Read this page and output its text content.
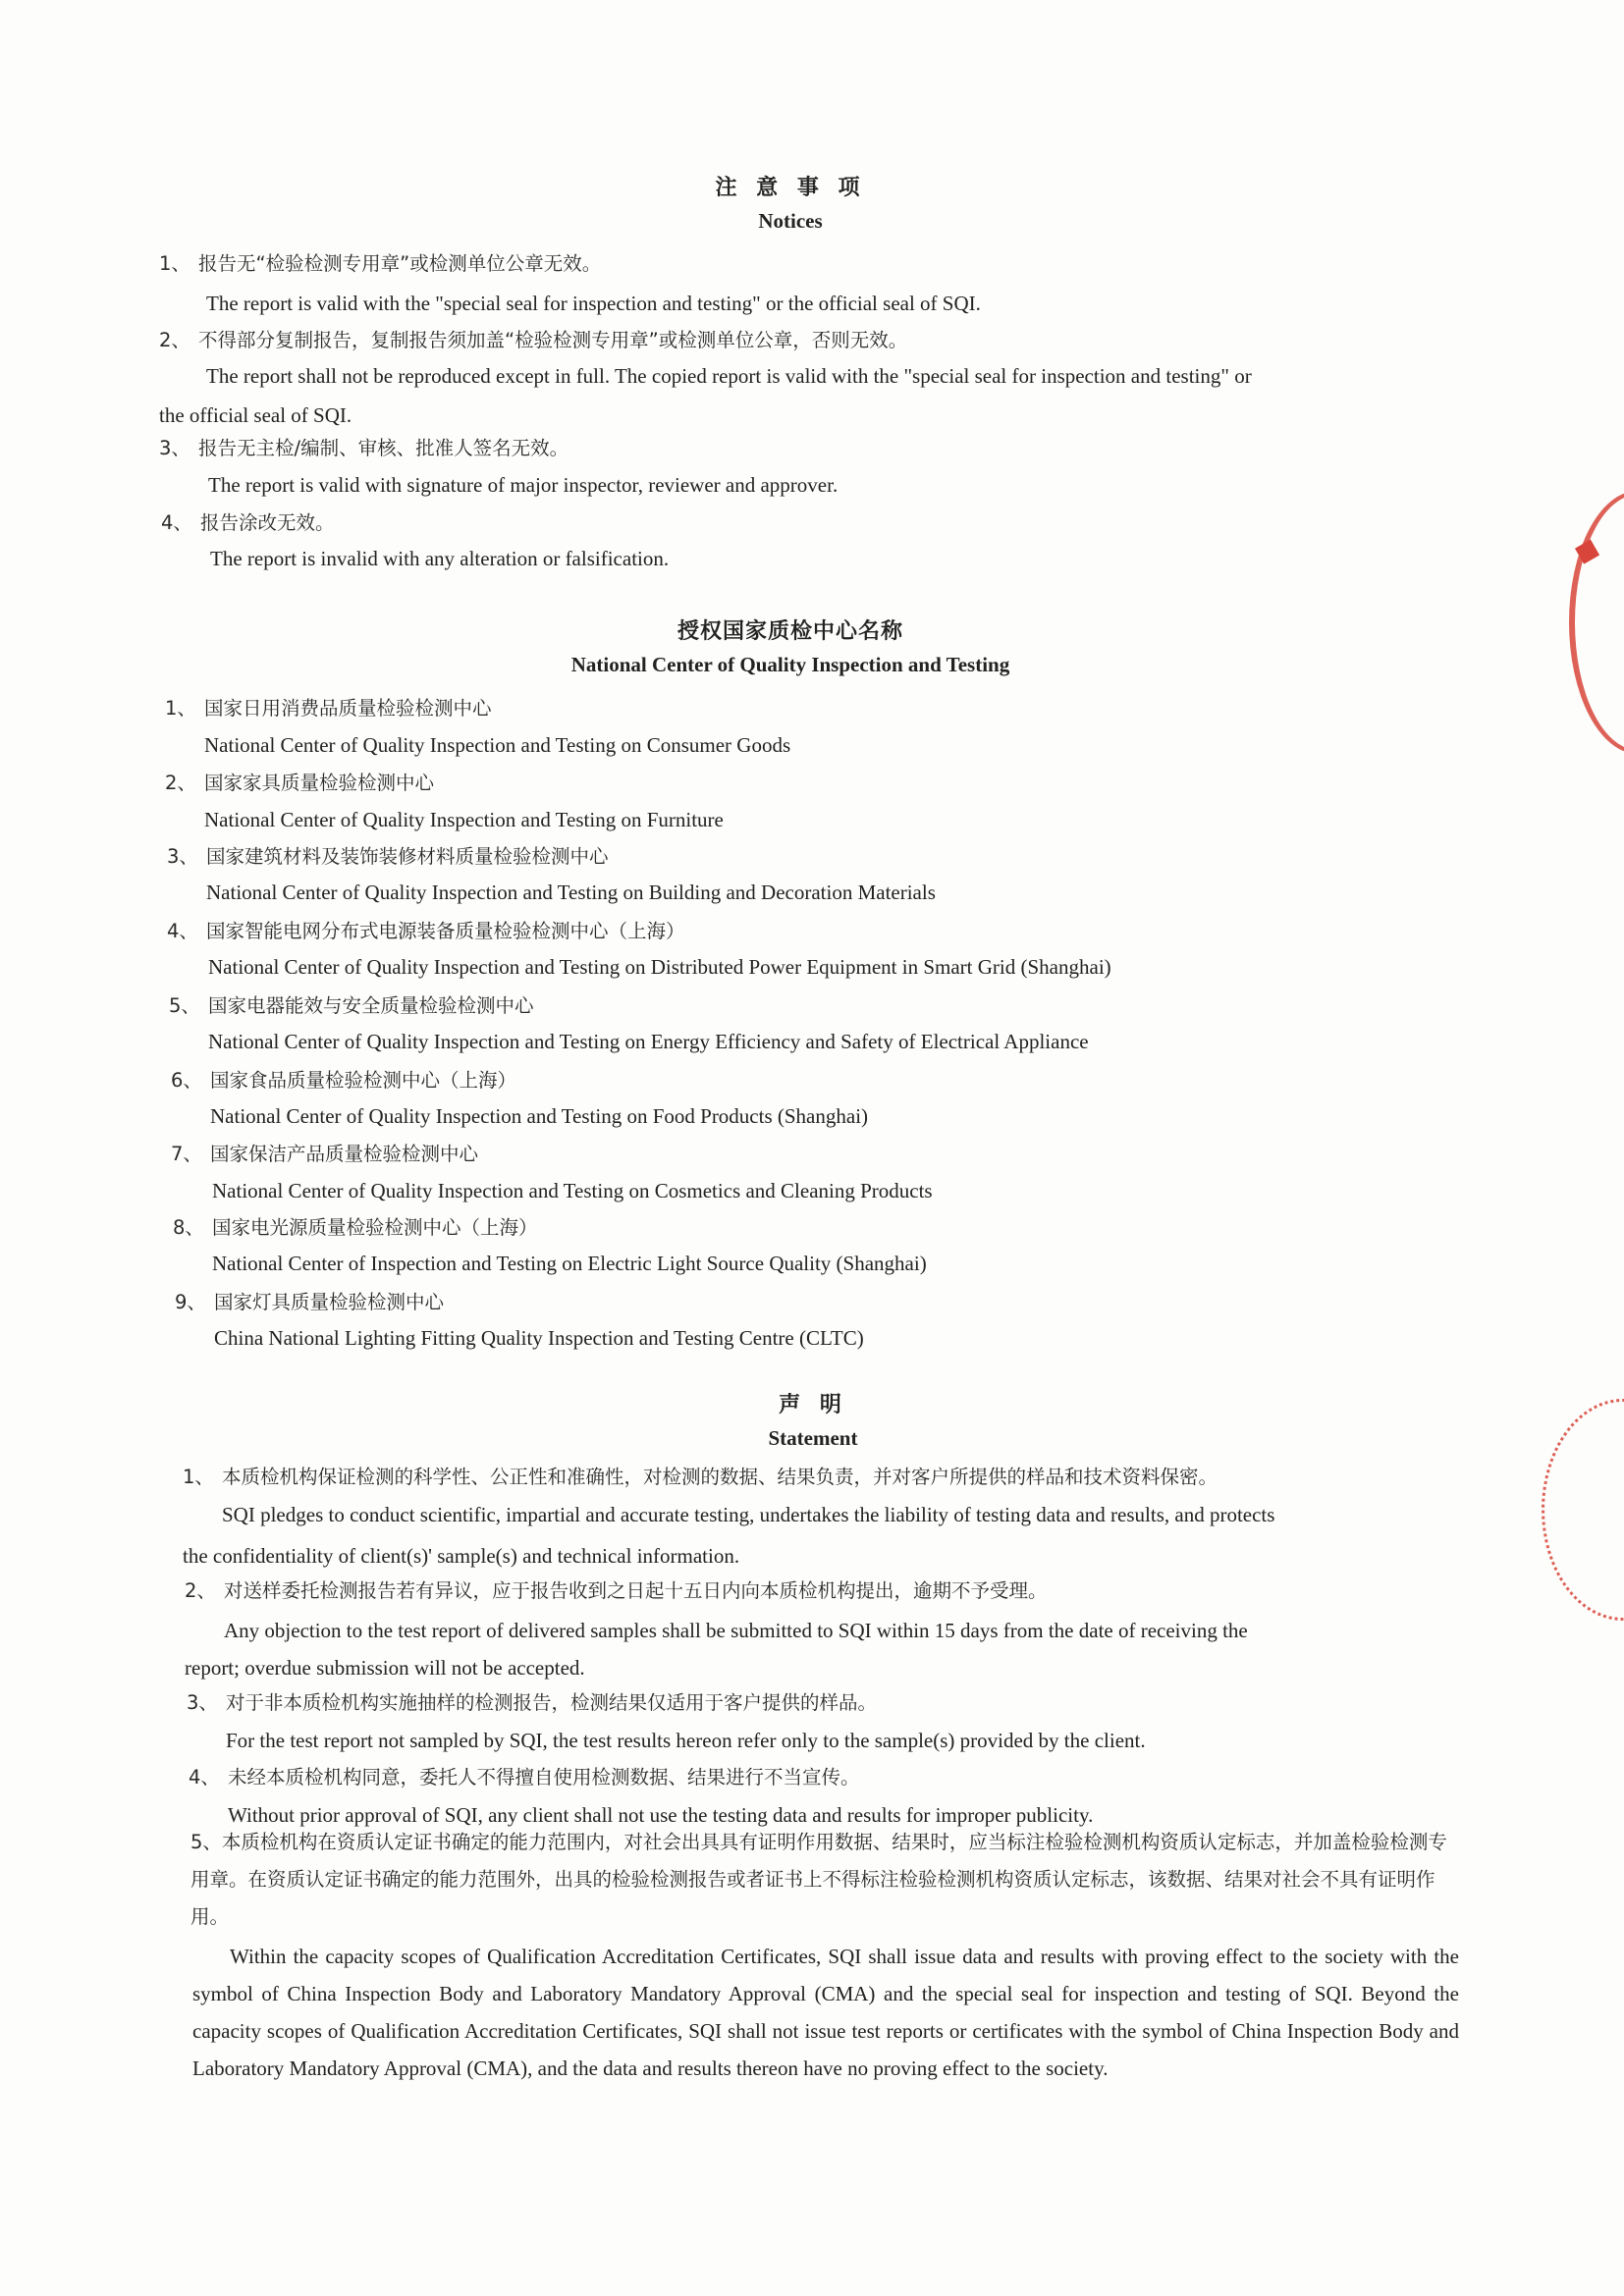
注 意 事 项
Notices
1、 报告无“检验检测专用章”或检测单位公章无效。
The report is valid with the "special seal for inspection and testing" or the official seal of SQI.
2、 不得部分复制报告，复制报告须加盖“检验检测专用章”或检测单位公章，否则无效。
The report shall not be reproduced except in full. The copied report is valid with the "special seal for inspection and testing" or
the official seal of SQI.
3、 报告无主检/编制、审核、批准人签名无效。
The report is valid with signature of major inspector, reviewer and approver.
4、 报告涂改无效。
The report is invalid with any alteration or falsification.
授权国家质检中心名称
National Center of Quality Inspection and Testing
1、 国家日用消费品质量检验检测中心
National Center of Quality Inspection and Testing on Consumer Goods
2、 国家家具质量检验检测中心
National Center of Quality Inspection and Testing on Furniture
3、 国家建筑材料及装饰装修材料质量检验检测中心
National Center of Quality Inspection and Testing on Building and Decoration Materials
4、 国家智能电网分布式电源装备质量检验检测中心（上海）
National Center of Quality Inspection and Testing on Distributed Power Equipment in Smart Grid (Shanghai)
5、 国家电器能效与安全质量检验检测中心
National Center of Quality Inspection and Testing on Energy Efficiency and Safety of Electrical Appliance
6、 国家食品质量检验检测中心（上海）
National Center of Quality Inspection and Testing on Food Products (Shanghai)
7、 国家保洁产品质量检验检测中心
National Center of Quality Inspection and Testing on Cosmetics and Cleaning Products
8、 国家电光源质量检验检测中心（上海）
National Center of Inspection and Testing on Electric Light Source Quality (Shanghai)
9、 国家灯具质量检验检测中心
China National Lighting Fitting Quality Inspection and Testing Centre (CLTC)
声 明
Statement
1、 本质检机构保证检测的科学性、公正性和准确性，对检测的数据、结果负责，并对客户所提供的样品和技术资料保密。
SQI pledges to conduct scientific, impartial and accurate testing, undertakes the liability of testing data and results, and protects
the confidentiality of client(s)' sample(s) and technical information.
2、 对送样委托检测报告若有异议，应于报告收到之日起十五日内向本质检机构提出，逾期不予受理。
Any objection to the test report of delivered samples shall be submitted to SQI within 15 days from the date of receiving the
report; overdue submission will not be accepted.
3、 对于非本质检机构实施抽样的检测报告，检测结果仅适用于客户提供的样品。
For the test report not sampled by SQI, the test results hereon refer only to the sample(s) provided by the client.
4、 未经本质检机构同意，委托人不得擅自使用检测数据、结果进行不当宣传。
Without prior approval of SQI, any client shall not use the testing data and results for improper publicity.
5、本质检机构在资质认定证书确定的能力范围内，对社会出具具有证明作用数据、结果时，应当标注检验检测机构资质认定标志，并加盖检验检测专用章。在资质认定证书确定的能力范围外，出具的检验检测报告或者证书上不得标注检验检测机构资质认定标志，该数据、结果对社会不具有证明作用。
Within the capacity scopes of Qualification Accreditation Certificates, SQI shall issue data and results with proving effect to the society with the symbol of China Inspection Body and Laboratory Mandatory Approval (CMA) and the special seal for inspection and testing of SQI. Beyond the capacity scopes of Qualification Accreditation Certificates, SQI shall not issue test reports or certificates with the symbol of China Inspection Body and Laboratory Mandatory Approval (CMA), and the data and results thereon have no proving effect to the society.
◆
